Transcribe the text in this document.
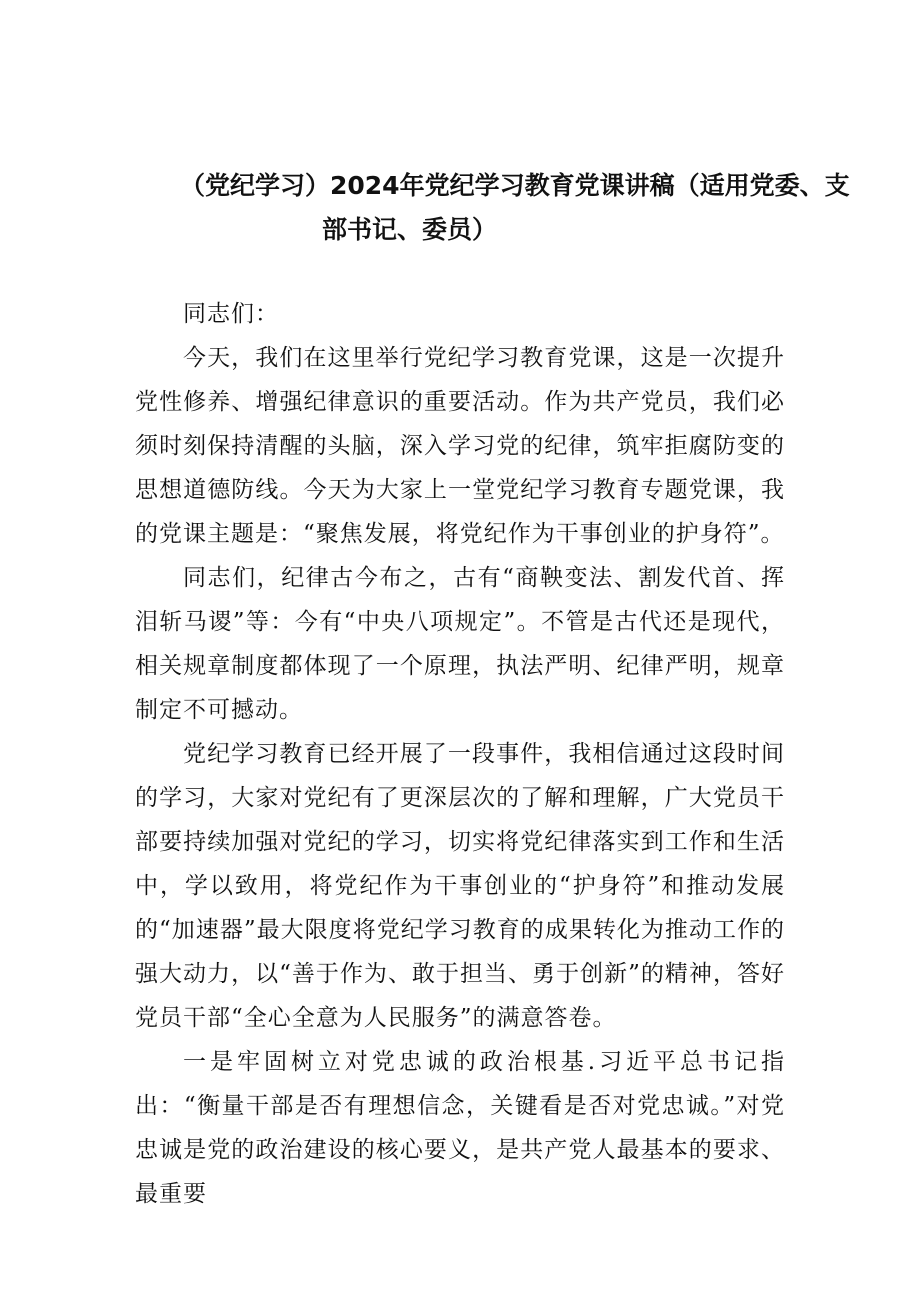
（党纪学习）2024年党纪学习教育党课讲稿（适用党委、支
部书记、委员）

同志们：

今天，我们在这里举行党纪学习教育党课，这是一次提升党性修养、增强纪律意识的重要活动。作为共产党员，我们必须时刻保持清醒的头脑，深入学习党的纪律，筑牢拒腐防变的思想道德防线。今天为大家上一堂党纪学习教育专题党课，我的党课主题是：“聚焦发展，将党纪作为干事创业的护身符”。

同志们，纪律古今布之，古有“商鞅变法、割发代首、挥泪斩马谡”等：今有“中央八项规定”。不管是古代还是现代，相关规章制度都体现了一个原理，执法严明、纪律严明，规章制定不可撼动。

党纪学习教育已经开展了一段事件，我相信通过这段时间的学习，大家对党纪有了更深层次的了解和理解，广大党员干部要持续加强对党纪的学习，切实将党纪律落实到工作和生活中，学以致用，将党纪作为干事创业的“护身符”和推动发展的“加速器”最大限度将党纪学习教育的成果转化为推动工作的强大动力，以“善于作为、敢于担当、勇于创新”的精神，答好党员干部“全心全意为人民服务”的满意答卷。

一是牢固树立对党忠诚的政治根基.习近平总书记指出：“衡量干部是否有理想信念，关键看是否对党忠诚。”对党忠诚是党的政治建设的核心要义，是共产党人最基本的要求、最重要
